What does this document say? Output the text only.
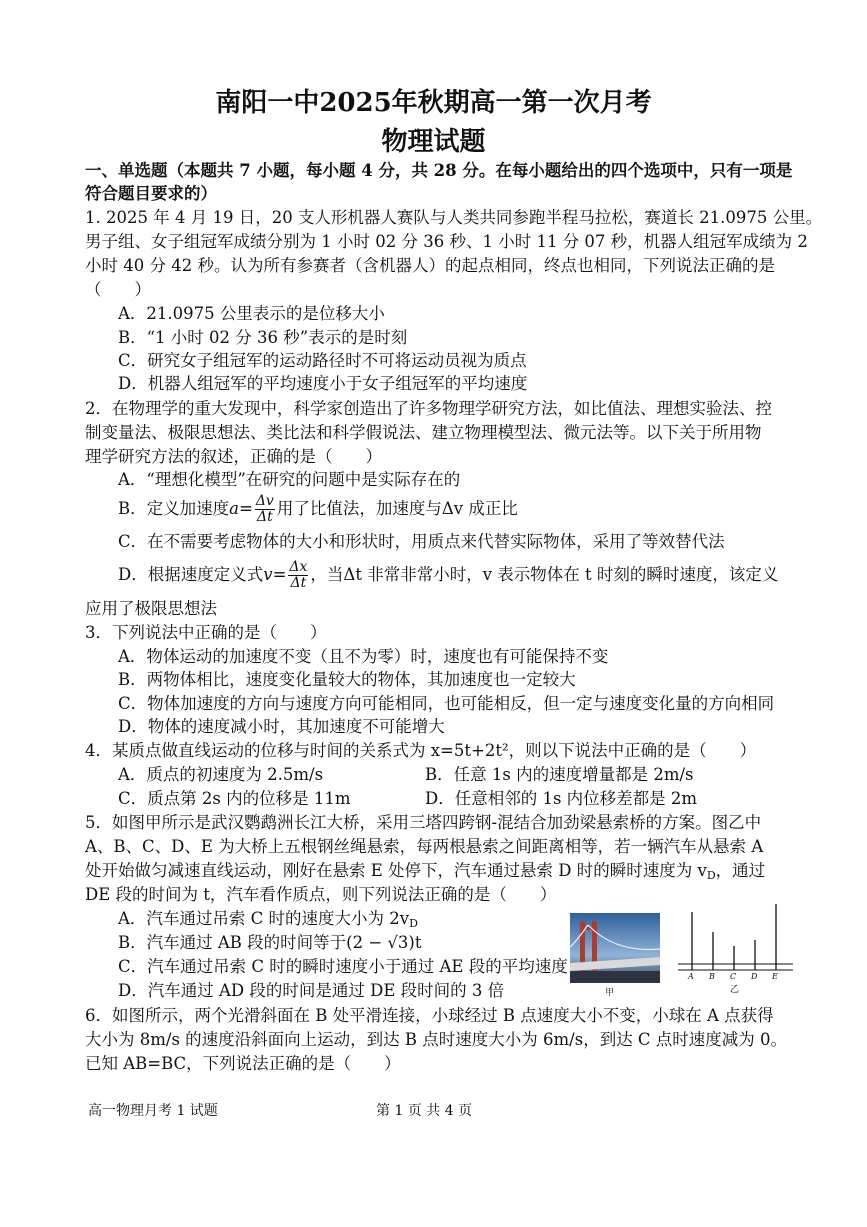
南阳一中2025年秋期高一第一次月考
物理试题
一、单选题（本题共 7 小题，每小题 4 分，共 28 分。在每小题给出的四个选项中，只有一项是
符合题目要求的）
1. 2025 年 4 月 19 日，20 支人形机器人赛队与人类共同参跑半程马拉松，赛道长 21.0975 公里。
男子组、女子组冠军成绩分别为 1 小时 02 分 36 秒、1 小时 11 分 07 秒，机器人组冠军成绩为 2
小时 40 分 42 秒。认为所有参赛者（含机器人）的起点相同，终点也相同，下列说法正确的是
（　　）
A．21.0975 公里表示的是位移大小
B．“1 小时 02 分 36 秒”表示的是时刻
C．研究女子组冠军的运动路径时不可将运动员视为质点
D．机器人组冠军的平均速度小于女子组冠军的平均速度
2．在物理学的重大发现中，科学家创造出了许多物理学研究方法，如比值法、理想实验法、控
制变量法、极限思想法、类比法和科学假说法、建立物理模型法、微元法等。以下关于所用物
理学研究方法的叙述，正确的是（　　）
A．“理想化模型”在研究的问题中是实际存在的
B．定义加速度$a= \frac{\Delta v}{\Delta t}$ 用了比值法，加速度与Δv 成正比
C．在不需要考虑物体的大小和形状时，用质点来代替实际物体，采用了等效替代法
D．根据速度定义式$v= \frac{\Delta x}{\Delta t}$ ，当Δt 非常非常小时，v 表示物体在 t 时刻的瞬时速度，该定义
应用了极限思想法
3．下列说法中正确的是（　　）
A．物体运动的加速度不变（且不为零）时，速度也有可能保持不变
B．两物体相比，速度变化量较大的物体，其加速度也一定较大
C．物体加速度的方向与速度方向可能相同，也可能相反，但一定与速度变化量的方向相同
D．物体的速度减小时，其加速度不可能增大
4．某质点做直线运动的位移与时间的关系式为 x=5t+2t²，则以下说法中正确的是（　　）
A．质点的初速度为 2.5m/s	B．任意 1s 内的速度增量都是 2m/s
C．质点第 2s 内的位移是 11m	D．任意相邻的 1s 内位移差都是 2m
5．如图甲所示是武汉鹦鹉洲长江大桥，采用三塔四跨钢-混结合加劲梁悬索桥的方案。图乙中
A、B、C、D、E 为大桥上五根钢丝绳悬索，每两根悬索之间距离相等，若一辆汽车从悬索 A
处开始做匀减速直线运动，刚好在悬索 E 处停下，汽车通过悬索 D 时的瞬时速度为 vD，通过
DE 段的时间为 t，汽车看作质点，则下列说法正确的是（　　）
A．汽车通过吊索 C 时的速度大小为 2vD
B．汽车通过 AB 段的时间等于(2 − √3)t
C．汽车通过吊索 C 时的瞬时速度小于通过 AE 段的平均速度
D．汽车通过 AD 段的时间是通过 DE 段时间的 3 倍	甲
A B C D E
乙
6．如图所示，两个光滑斜面在 B 处平滑连接，小球经过 B 点速度大小不变，小球在 A 点获得
大小为 8m/s 的速度沿斜面向上运动，到达 B 点时速度大小为 6m/s，到达 C 点时速度减为 0。
已知 AB=BC，下列说法正确的是（　　）
高一物理月考 1 试题	第 1 页 共 4 页
